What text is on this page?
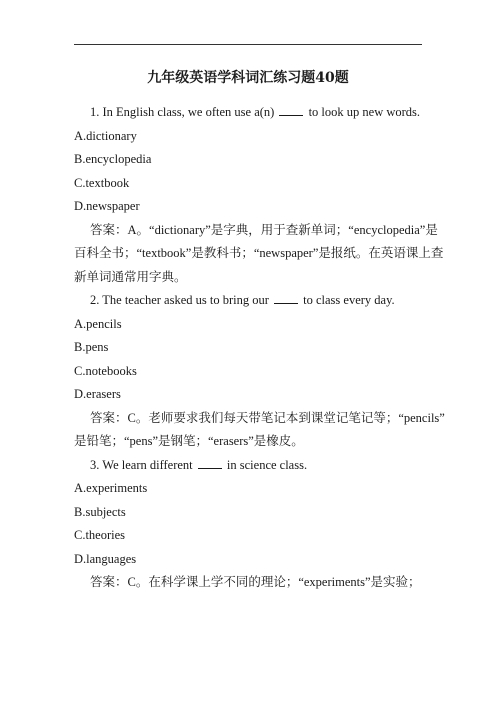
九年级英语学科词汇练习题40题
1. In English class, we often use a(n)	to look up new words.
A.dictionary
B.encyclopedia
C.textbook
D.newspaper
答案：A。“dictionary”是字典，用于查新单词；“encyclopedia”是
百科全书；“textbook”是教科书；“newspaper”是报纸。在英语课上查
新单词通常用字典。
2. The teacher asked us to bring our	to class every day.
A.pencils
B.pens
C.notebooks
D.erasers
答案：C。老师要求我们每天带笔记本到课堂记笔记等；“pencils”
是铅笔；“pens”是钢笔；“erasers”是橡皮。
3. We learn different	in science class.
A.experiments
B.subjects
C.theories
D.languages
答案：C。在科学课上学不同的理论；“experiments”是实验；
